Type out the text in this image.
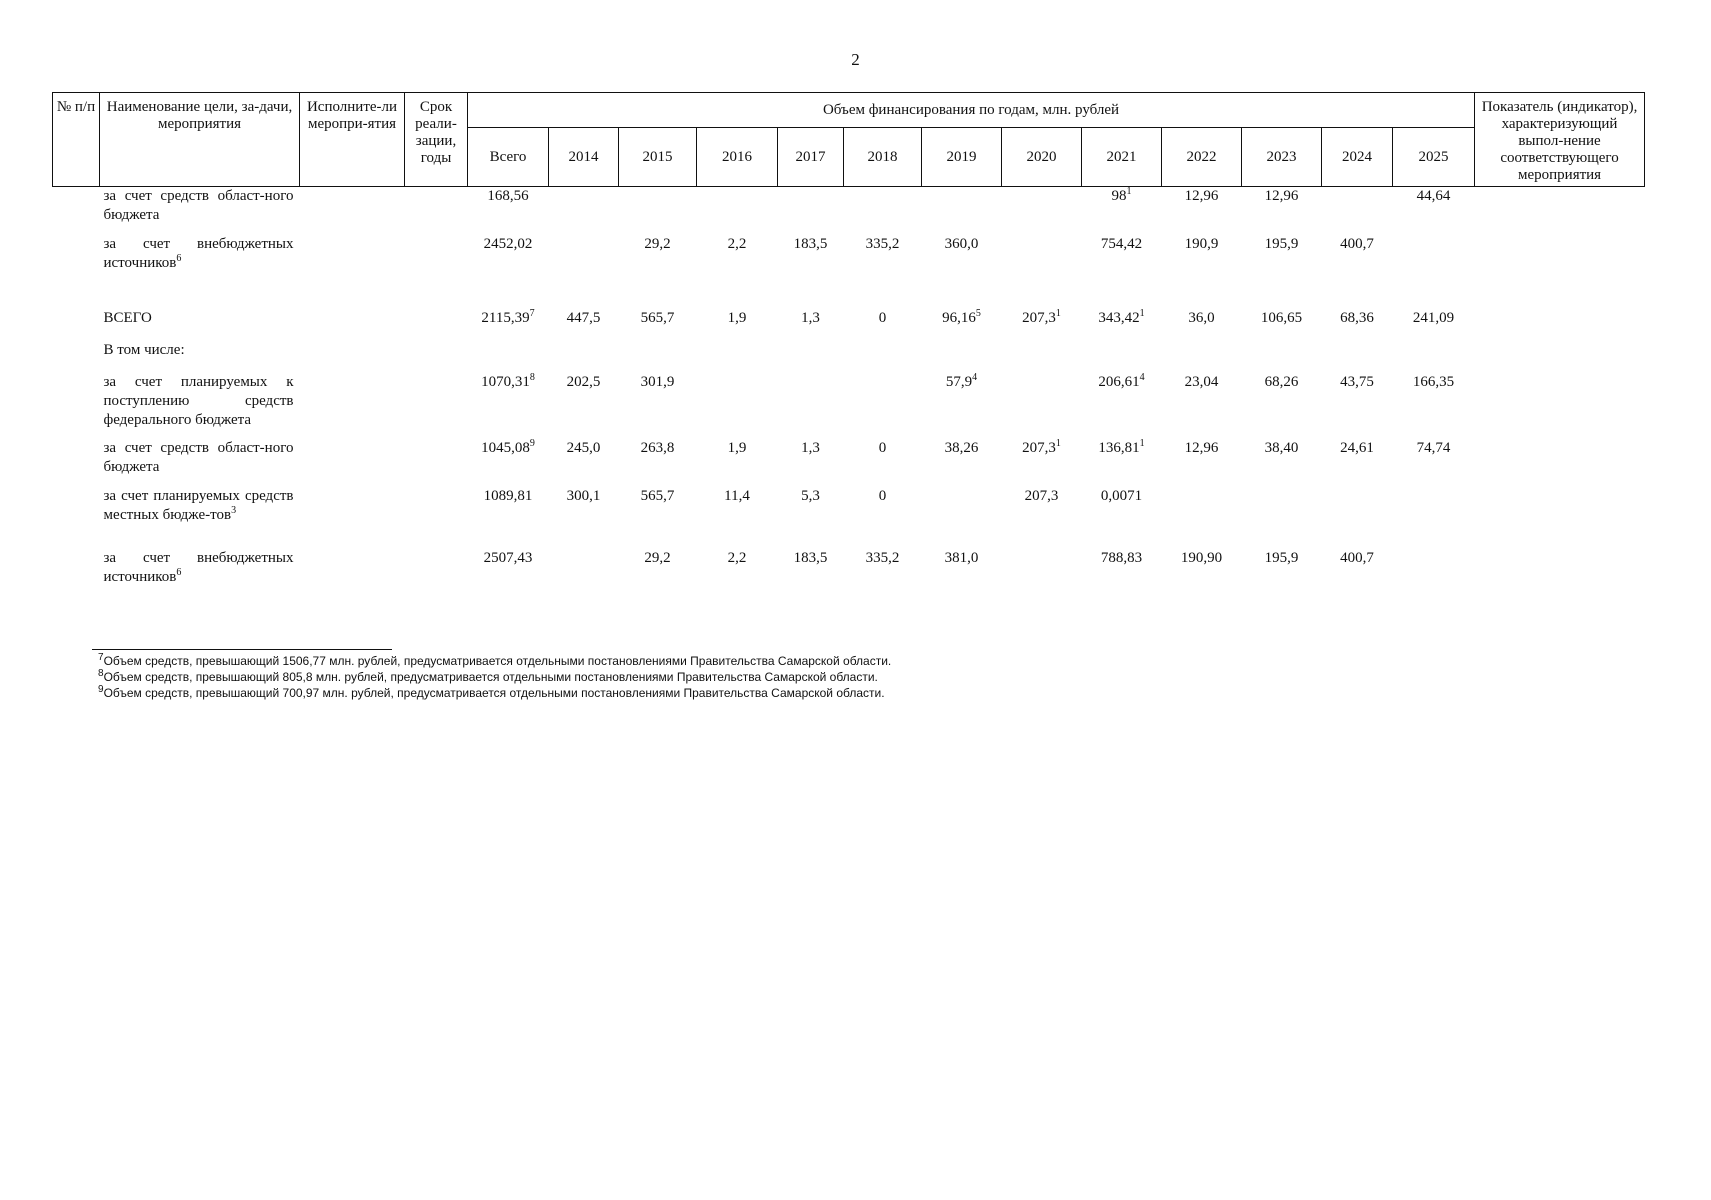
2
№ п/п	Наименование цели, за-дачи, мероприятия	Исполните-ли меропри-ятия	Срок реали-зации, годы	Объем финансирования по годам, млн. рублей													Показатель (индикатор), характеризующий выпол-нение соответствующего мероприятия
				Всего	2014	2015	2016	2017	2018	2019	2020	2021	2022	2023	2024	2025	
	за счет средств област-ного бюджета			168,56								$98^1$	12,96	12,96		44,64	
	за счет внебюджетных источников$^6$			2452,02		29,2	2,2	183,5	335,2	360,0		754,42	190,9	195,9	400,7		
	ВСЕГО			2115,39$^7$	447,5	565,7	1,9	1,3	0	96,16$^5$	207,3$^1$	343,42$^1$	36,0	106,65	68,36	241,09	
	В том числе:																
	за счет планируемых к поступлению средств федерального бюджета			1070,31$^8$	202,5	301,9				57,9$^4$		206,61$^4$	23,04	68,26	43,75	166,35	
	за счет средств област-ного бюджета			1045,08$^9$	245,0	263,8	1,9	1,3	0	38,26	207,3$^1$	136,81$^1$	12,96	38,40	24,61	74,74	
	за счет планируемых средств местных бюдже-тов$^3$			1089,81	300,1	565,7	11,4	5,3	0		207,3	0,0071					
	за счет внебюджетных источников$^6$			2507,43		29,2	2,2	183,5	335,2	381,0		788,83	190,90	195,9	400,7		
$^7$Объем средств, превышающий 1506,77 млн. рублей, предусматривается отдельными постановлениями Правительства Самарской области.
$^8$Объем средств, превышающий 805,8 млн. рублей, предусматривается отдельными постановлениями Правительства Самарской области.
$^9$Объем средств, превышающий 700,97 млн. рублей, предусматривается отдельными постановлениями Правительства Самарской области.
